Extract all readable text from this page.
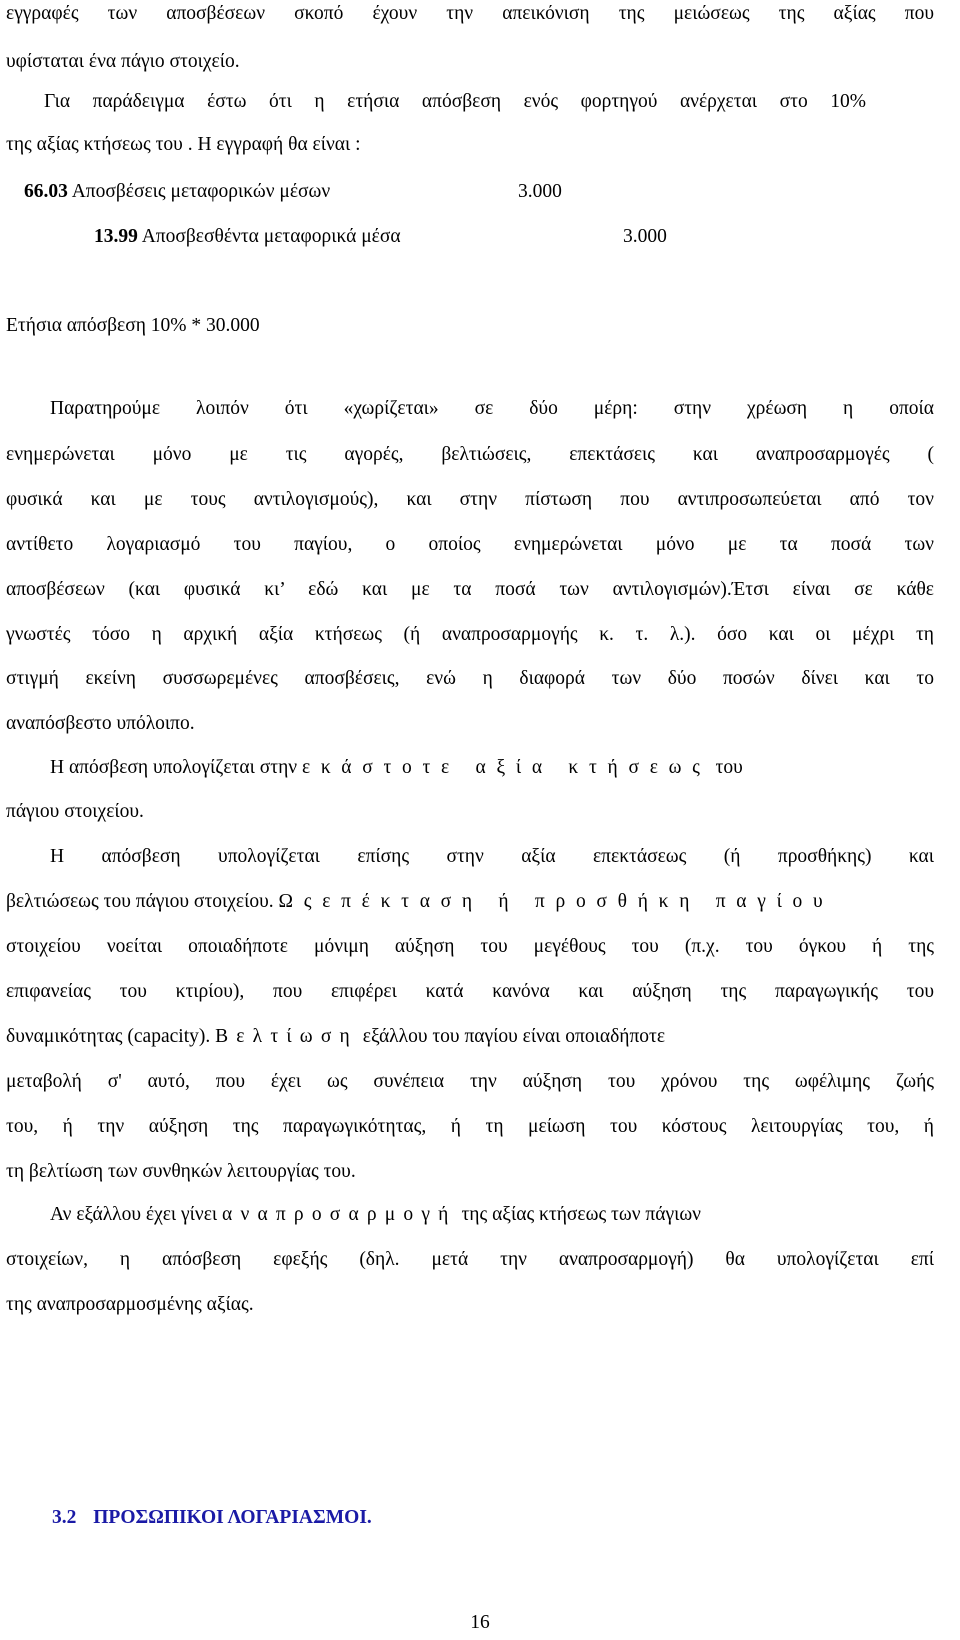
εγγραφές των αποσβέσεων σκοπό έχουν την απεικόνιση της μειώσεως της αξίας που
υφίσταται ένα πάγιο στοιχείο.
Για παράδειγμα έστω ότι η ετήσια απόσβεση ενός φορτηγού ανέρχεται στο 10%
της αξίας κτήσεως του . Η εγγραφή θα είναι :
66.03 Αποσβέσεις μεταφορικών μέσων	3.000
13.99 Αποσβεσθέντα μεταφορικά μέσα	3.000
Ετήσια απόσβεση 10% * 30.000
Παρατηρούμε λοιπόν ότι «χωρίζεται» σε δύο μέρη: στην χρέωση η οποία
ενημερώνεται μόνο με τις αγορές, βελτιώσεις, επεκτάσεις και αναπροσαρμογές (
φυσικά και με τους αντιλογισμούς), και στην πίστωση που αντιπροσωπεύεται από τον
αντίθετο λογαριασμό του παγίου, ο οποίος ενημερώνεται μόνο με τα ποσά των
αποσβέσεων (και φυσικά κι’ εδώ και με τα ποσά των αντιλογισμών).Έτσι είναι σε κάθε
γνωστές τόσο η αρχική αξία κτήσεως (ή αναπροσαρμογής κ. τ. λ.). όσο και οι μέχρι τη
στιγμή εκείνη συσσωρεμένες αποσβέσεις, ενώ η διαφορά των δύο ποσών δίνει και το
αναπόσβεστο υπόλοιπο.
Η απόσβεση υπολογίζεται στην εκάστοτε αξία κτήσεως του
πάγιου στοιχείου.
Η απόσβεση υπολογίζεται επίσης στην αξία επεκτάσεως (ή προσθήκης) και
βελτιώσεως του πάγιου στοιχείου. Ωςεπέκταση ή προσθήκη παγίου
στοιχείου νοείται οποιαδήποτε μόνιμη αύξηση του μεγέθους του (π.χ. του όγκου ή της
επιφανείας του κτιρίου), που επιφέρει κατά κανόνα και αύξηση της παραγωγικής του
δυναμικότητας (capacity). Βελτίωση εξάλλου του παγίου είναι οποιαδήποτε
μεταβολή σ' αυτό, που έχει ως συνέπεια την αύξηση του χρόνου της ωφέλιμης ζωής
του, ή την αύξηση της παραγωγικότητας, ή τη μείωση του κόστους λειτουργίας του, ή
τη βελτίωση των συνθηκών λειτουργίας του.
Αν εξάλλου έχει γίνει αναπροσαρμογή της αξίας κτήσεως των πάγιων
στοιχείων, η απόσβεση εφεξής (δηλ. μετά την αναπροσαρμογή) θα υπολογίζεται επί
της αναπροσαρμοσμένης αξίας.
3.2 ΠΡΟΣΩΠΙΚΟΙ ΛΟΓΑΡΙΑΣΜΟΙ.
16
